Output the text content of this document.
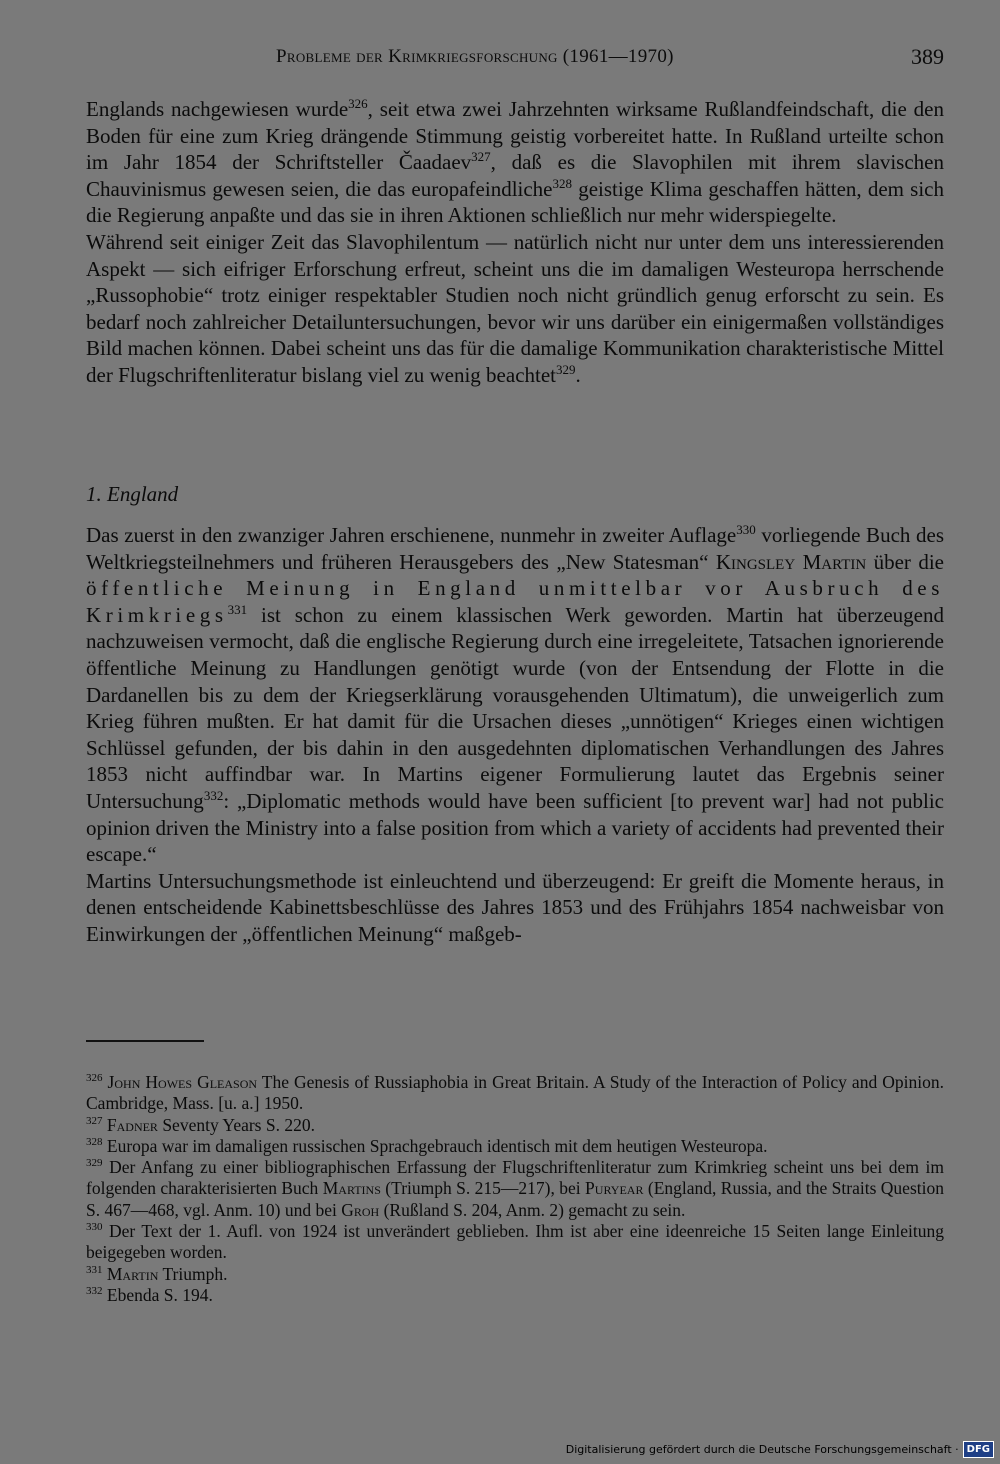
Probleme der Krimkriegsforschung (1961—1970)	389

Englands nachgewiesen wurde$^{326}$, seit etwa zwei Jahrzehnten wirksame Rußlandfeindschaft, die den Boden für eine zum Krieg drängende Stimmung geistig vorbereitet hatte. In Rußland urteilte schon im Jahr 1854 der Schriftsteller Čaadaev$^{327}$, daß es die Slavophilen mit ihrem slavischen Chauvinismus gewesen seien, die das europafeindliche$^{328}$ geistige Klima geschaffen hätten, dem sich die Regierung anpaßte und das sie in ihren Aktionen schließlich nur mehr widerspiegelte.

Während seit einiger Zeit das Slavophilentum — natürlich nicht nur unter dem uns interessierenden Aspekt — sich eifriger Erforschung erfreut, scheint uns die im damaligen Westeuropa herrschende „Russophobie“ trotz einiger respektabler Studien noch nicht gründlich genug erforscht zu sein. Es bedarf noch zahlreicher Detailuntersuchungen, bevor wir uns darüber ein einigermaßen vollständiges Bild machen können. Dabei scheint uns das für die damalige Kommunikation charakteristische Mittel der Flugschriftenliteratur bislang viel zu wenig beachtet$^{329}$.

1. England

Das zuerst in den zwanziger Jahren erschienene, nunmehr in zweiter Auflage$^{330}$ vorliegende Buch des Weltkriegsteilnehmers und früheren Herausgebers des „New Statesman“ Kingsley Martin über die öffentliche Meinung in England unmittelbar vor Ausbruch des Krimkriegs$^{331}$ ist schon zu einem klassischen Werk geworden. Martin hat überzeugend nachzuweisen vermocht, daß die englische Regierung durch eine irregeleitete, Tatsachen ignorierende öffentliche Meinung zu Handlungen genötigt wurde (von der Entsendung der Flotte in die Dardanellen bis zu dem der Kriegserklärung vorausgehenden Ultimatum), die unweigerlich zum Krieg führen mußten. Er hat damit für die Ursachen dieses „unnötigen“ Krieges einen wichtigen Schlüssel gefunden, der bis dahin in den ausgedehnten diplomatischen Verhandlungen des Jahres 1853 nicht auffindbar war. In Martins eigener Formulierung lautet das Ergebnis seiner Untersuchung$^{332}$: „Diplomatic methods would have been sufficient [to prevent war] had not public opinion driven the Ministry into a false position from which a variety of accidents had prevented their escape.“

Martins Untersuchungsmethode ist einleuchtend und überzeugend: Er greift die Momente heraus, in denen entscheidende Kabinettsbeschlüsse des Jahres 1853 und des Frühjahrs 1854 nachweisbar von Einwirkungen der „öffentlichen Meinung“ maßgeb-

$^{326}$ John Howes Gleason The Genesis of Russiaphobia in Great Britain. A Study of the Interaction of Policy and Opinion. Cambridge, Mass. [u. a.] 1950.

$^{327}$ Fadner Seventy Years S. 220.

$^{328}$ Europa war im damaligen russischen Sprachgebrauch identisch mit dem heutigen Westeuropa.

$^{329}$ Der Anfang zu einer bibliographischen Erfassung der Flugschriftenliteratur zum Krimkrieg scheint uns bei dem im folgenden charakterisierten Buch Martins (Triumph S. 215—217), bei Puryear (England, Russia, and the Straits Question S. 467—468, vgl. Anm. 10) und bei Groh (Rußland S. 204, Anm. 2) gemacht zu sein.

$^{330}$ Der Text der 1. Aufl. von 1924 ist unverändert geblieben. Ihm ist aber eine ideenreiche 15 Seiten lange Einleitung beigegeben worden.

$^{331}$ Martin Triumph.

$^{332}$ Ebenda S. 194.

Digitalisierung gefördert durch die Deutsche Forschungsgemeinschaft · DFG
